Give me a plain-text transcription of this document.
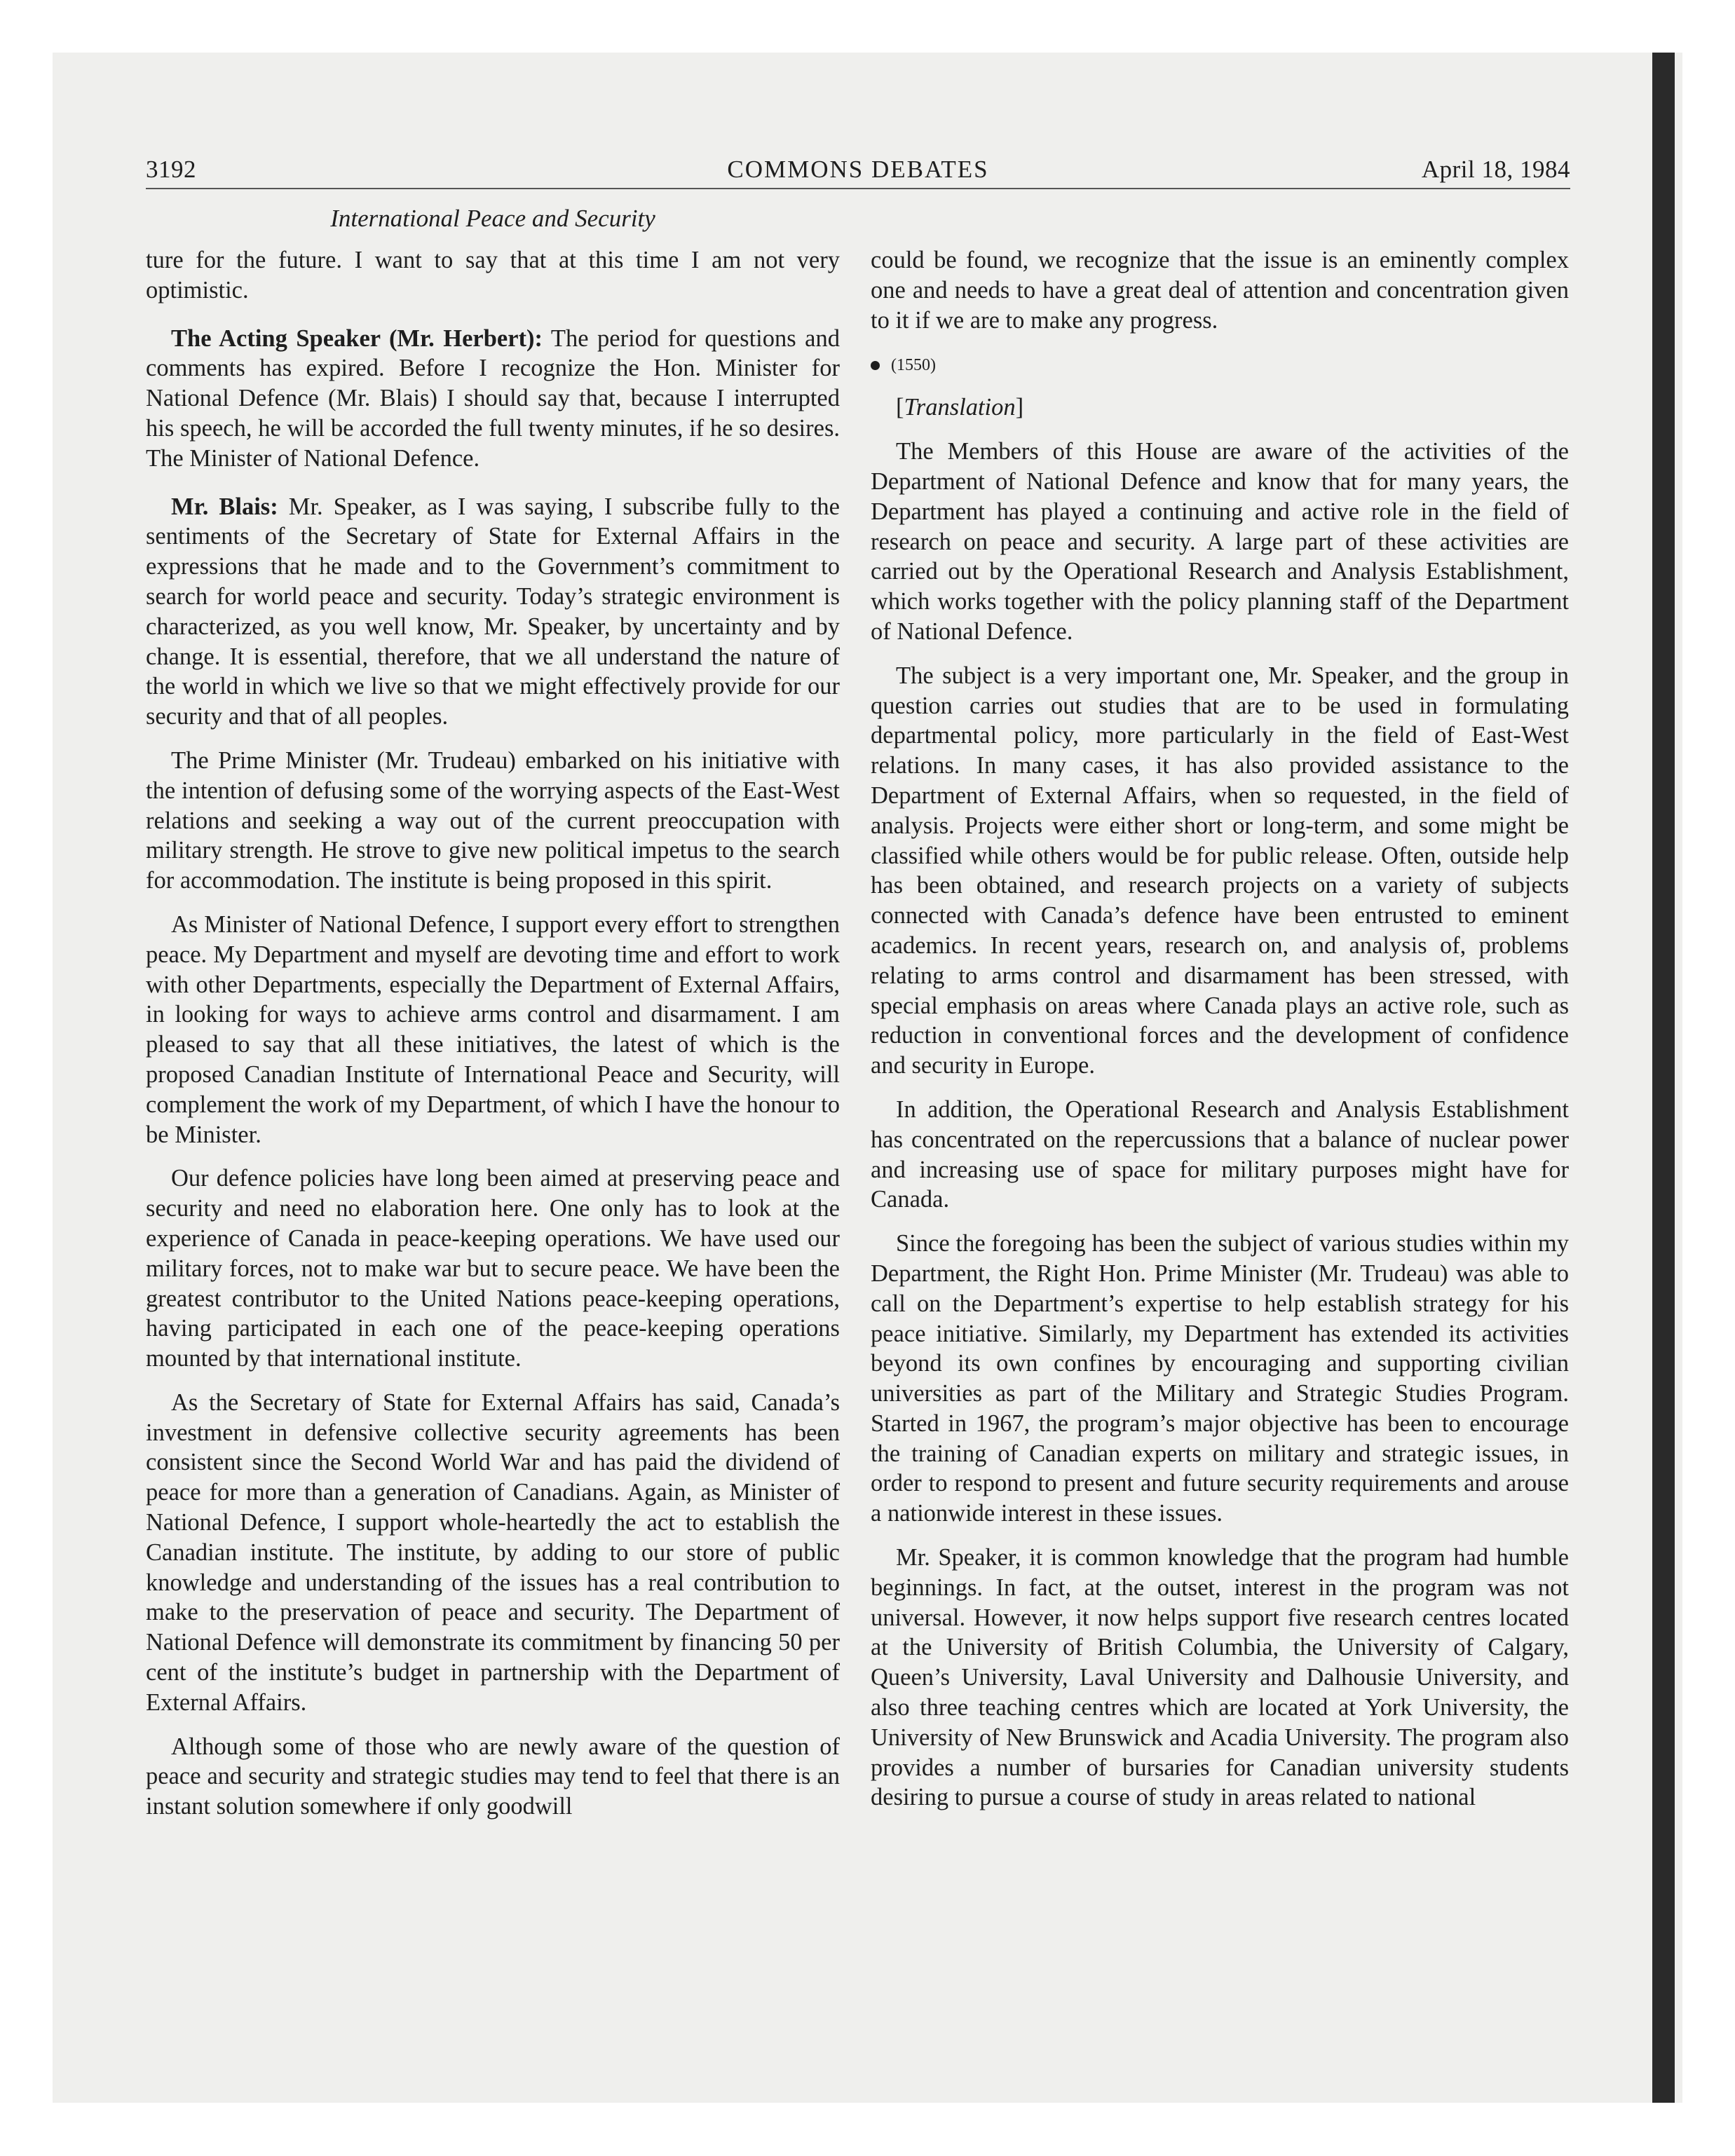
COMMONS DEBATES
3192	April 18, 1984
International Peace and Security

ture for the future. I want to say that at this time I am not very optimistic.

The Acting Speaker (Mr. Herbert): The period for questions and comments has expired. Before I recognize the Hon. Minister for National Defence (Mr. Blais) I should say that, because I interrupted his speech, he will be accorded the full twenty minutes, if he so desires. The Minister of National Defence.

Mr. Blais: Mr. Speaker, as I was saying, I subscribe fully to the sentiments of the Secretary of State for External Affairs in the expressions that he made and to the Government’s commitment to search for world peace and security. Today’s strategic environment is characterized, as you well know, Mr. Speaker, by uncertainty and by change. It is essential, therefore, that we all understand the nature of the world in which we live so that we might effectively provide for our security and that of all peoples.

The Prime Minister (Mr. Trudeau) embarked on his initiative with the intention of defusing some of the worrying aspects of the East-West relations and seeking a way out of the current preoccupation with military strength. He strove to give new political impetus to the search for accommodation. The institute is being proposed in this spirit.

As Minister of National Defence, I support every effort to strengthen peace. My Department and myself are devoting time and effort to work with other Departments, especially the Department of External Affairs, in looking for ways to achieve arms control and disarmament. I am pleased to say that all these initiatives, the latest of which is the proposed Canadian Institute of International Peace and Security, will complement the work of my Department, of which I have the honour to be Minister.

Our defence policies have long been aimed at preserving peace and security and need no elaboration here. One only has to look at the experience of Canada in peace-keeping operations. We have used our military forces, not to make war but to secure peace. We have been the greatest contributor to the United Nations peace-keeping operations, having participated in each one of the peace-keeping operations mounted by that international institute.

As the Secretary of State for External Affairs has said, Canada’s investment in defensive collective security agreements has been consistent since the Second World War and has paid the dividend of peace for more than a generation of Canadians. Again, as Minister of National Defence, I support whole-heartedly the act to establish the Canadian institute. The institute, by adding to our store of public knowledge and understanding of the issues has a real contribution to make to the preservation of peace and security. The Department of National Defence will demonstrate its commitment by financing 50 per cent of the institute’s budget in partnership with the Department of External Affairs.

Although some of those who are newly aware of the question of peace and security and strategic studies may tend to feel that there is an instant solution somewhere if only goodwill

could be found, we recognize that the issue is an eminently complex one and needs to have a great deal of attention and concentration given to it if we are to make any progress.

(1550)

[Translation]

The Members of this House are aware of the activities of the Department of National Defence and know that for many years, the Department has played a continuing and active role in the field of research on peace and security. A large part of these activities are carried out by the Operational Research and Analysis Establishment, which works together with the policy planning staff of the Department of National Defence.

The subject is a very important one, Mr. Speaker, and the group in question carries out studies that are to be used in formulating departmental policy, more particularly in the field of East-West relations. In many cases, it has also provided assistance to the Department of External Affairs, when so requested, in the field of analysis. Projects were either short or long-term, and some might be classified while others would be for public release. Often, outside help has been obtained, and research projects on a variety of subjects connected with Canada’s defence have been entrusted to eminent academics. In recent years, research on, and analysis of, problems relating to arms control and disarmament has been stressed, with special emphasis on areas where Canada plays an active role, such as reduction in conventional forces and the development of confidence and security in Europe.

In addition, the Operational Research and Analysis Establishment has concentrated on the repercussions that a balance of nuclear power and increasing use of space for military purposes might have for Canada.

Since the foregoing has been the subject of various studies within my Department, the Right Hon. Prime Minister (Mr. Trudeau) was able to call on the Department’s expertise to help establish strategy for his peace initiative. Similarly, my Department has extended its activities beyond its own confines by encouraging and supporting civilian universities as part of the Military and Strategic Studies Program. Started in 1967, the program’s major objective has been to encourage the training of Canadian experts on military and strategic issues, in order to respond to present and future security requirements and arouse a nationwide interest in these issues.

Mr. Speaker, it is common knowledge that the program had humble beginnings. In fact, at the outset, interest in the program was not universal. However, it now helps support five research centres located at the University of British Columbia, the University of Calgary, Queen’s University, Laval University and Dalhousie University, and also three teaching centres which are located at York University, the University of New Brunswick and Acadia University. The program also provides a number of bursaries for Canadian university students desiring to pursue a course of study in areas related to national
